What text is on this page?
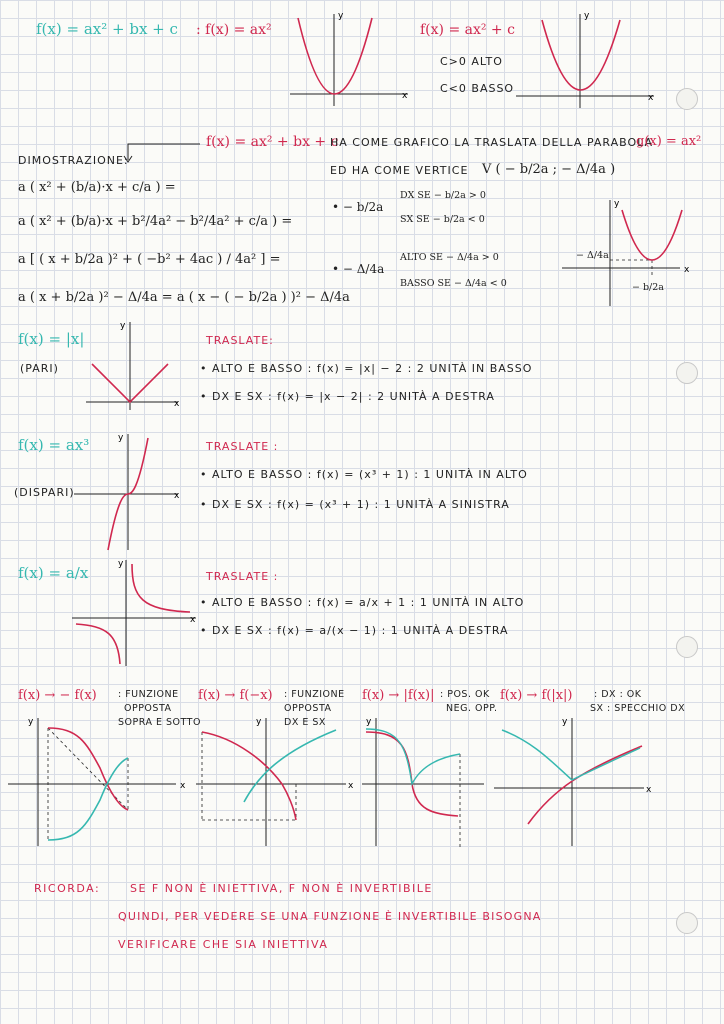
f(x) = ax² + bx + c : f(x) = ax²
x
y
f(x) = ax² + c
C>0 ALTO
C<0 BASSO
x
y
f(x) = ax² + bx + c
HA COME GRAFICO LA TRASLATA DELLA PARABOLA
g(x) = ax²
ED HA COME VERTICE V ( − b/2a ; − Δ/4a )
DIMOSTRAZIONE:
a ( x² + (b/a)·x + c/a ) =
a ( x² + (b/a)·x + b²/4a² − b²/4a² + c/a ) =
a [ ( x + b/2a )² + ( −b² + 4ac ) / 4a² ] =
a ( x + b/2a )² − Δ/4a = a ( x − ( − b/2a ) )² − Δ/4a
• − b/2a
DX SE − b/2a > 0
SX SE − b/2a < 0
• − Δ/4a
ALTO SE − Δ/4a > 0
BASSO SE − Δ/4a < 0
x
y
− Δ/4a
− b/2a
f(x) = |x|
(PARI)
x
y
TRASLATE:
• ALTO E BASSO : f(x) = |x| − 2 : 2 UNITÀ IN BASSO
• DX E SX : f(x) = |x − 2| : 2 UNITÀ A DESTRA
f(x) = ax³
(DISPARI)	x
y
TRASLATE :
• ALTO E BASSO : f(x) = (x³ + 1) : 1 UNITÀ IN ALTO
• DX E SX : f(x) = (x³ + 1) : 1 UNITÀ A SINISTRA
f(x) = a/x
x
y
TRASLATE :
• ALTO E BASSO : f(x) = a/x + 1 : 1 UNITÀ IN ALTO
• DX E SX : f(x) = a/(x − 1) : 1 UNITÀ A DESTRA
f(x) → − f(x) : FUNZIONE
OPPOSTA
SOPRA E SOTTO
f(x) → f(−x) : FUNZIONE
OPPOSTA
DX E SX
f(x) → |f(x)| : POS. OK
NEG. OPP.
f(x) → f(|x|) : DX : OK
SX : SPECCHIO DX
x
y
x
y	y
x
y
RICORDA:	SE F NON È INIETTIVA, F NON È INVERTIBILE
QUINDI, PER VEDERE SE UNA FUNZIONE È INVERTIBILE BISOGNA
VERIFICARE CHE SIA INIETTIVA
